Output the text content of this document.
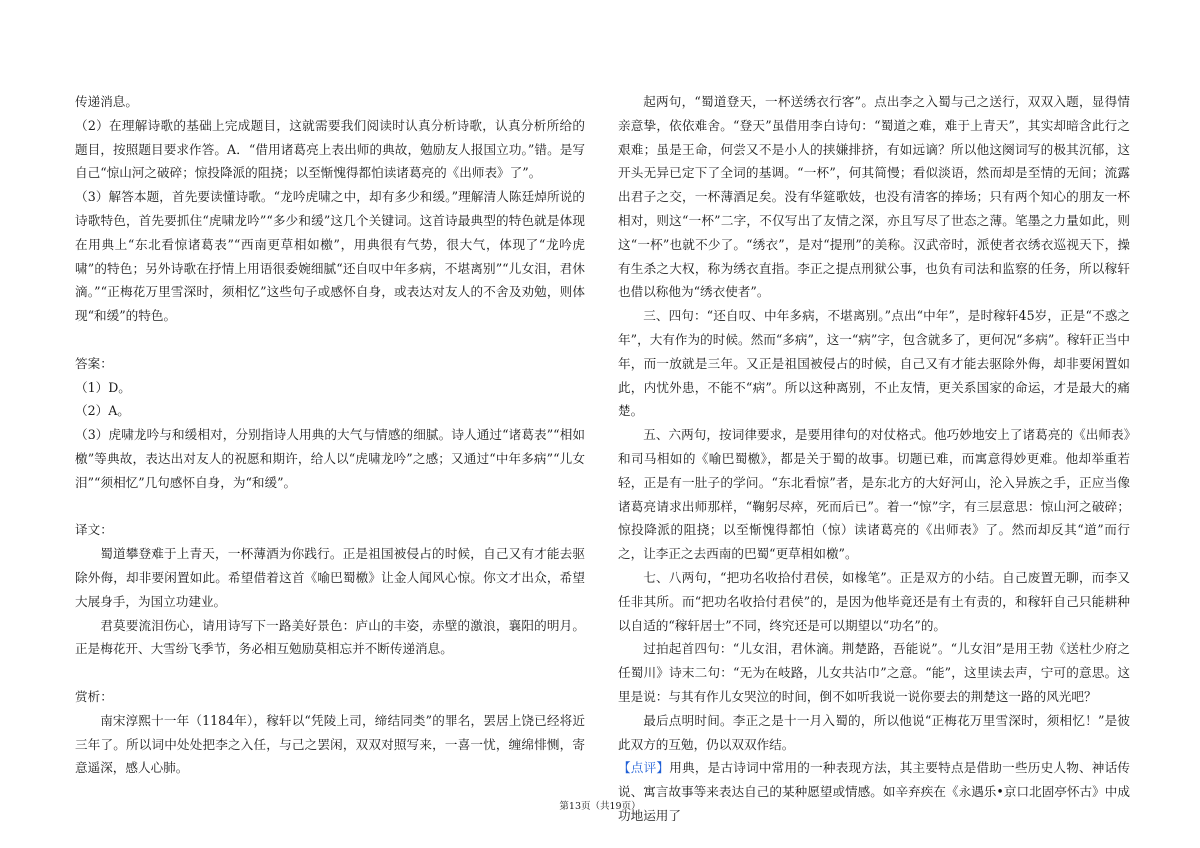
传递消息。

（2）在理解诗歌的基础上完成题目，这就需要我们阅读时认真分析诗歌，认真分析所给的题目，按照题目要求作答。A．“借用诸葛亮上表出师的典故，勉励友人报国立功。”错。是写自己“惊山河之破碎；惊投降派的阻挠；以至惭愧得都怕读诸葛亮的《出师表》了”。

（3）解答本题，首先要读懂诗歌。“龙吟虎啸之中，却有多少和缓。”理解清人陈廷焯所说的诗歌特色，首先要抓住“虎啸龙吟”“多少和缓”这几个关键词。这首诗最典型的特色就是体现在用典上“东北看惊诸葛表”“西南更草相如檄”，用典很有气势，很大气，体现了“龙吟虎啸”的特色；另外诗歌在抒情上用语很委婉细腻“还自叹中年多病，不堪离别”“儿女泪，君休滴。”“正梅花万里雪深时，须相忆”这些句子或感怀自身，或表达对友人的不舍及劝勉，则体现“和缓”的特色。

答案：

（1）D。

（2）A。

（3）虎啸龙吟与和缓相对，分别指诗人用典的大气与情感的细腻。诗人通过“诸葛表”“相如檄”等典故，表达出对友人的祝愿和期许，给人以“虎啸龙吟”之感；又通过“中年多病”“儿女泪”“须相忆”几句感怀自身，为“和缓”。

译文：

蜀道攀登难于上青天，一杯薄酒为你践行。正是祖国被侵占的时候，自己又有才能去驱除外侮，却非要闲置如此。希望借着这首《喻巴蜀檄》让金人闻风心惊。你文才出众，希望大展身手，为国立功建业。

君莫要流泪伤心，请用诗写下一路美好景色：庐山的丰姿，赤壁的激浪，襄阳的明月。正是梅花开、大雪纷飞季节，务必相互勉励莫相忘并不断传递消息。

赏析：

南宋淳熙十一年（1184年），稼轩以“凭陵上司，缔结同类”的罪名，罢居上饶已经将近三年了。所以词中处处把李之入任，与己之罢闲，双双对照写来，一喜一忧，缠绵悱恻，寄意遥深，感人心肺。

起两句，“蜀道登天，一杯送绣衣行客”。点出李之入蜀与己之送行，双双入题，显得情亲意挚，依依难舍。“登天”虽借用李白诗句：“蜀道之难，难于上青天”，其实却暗含此行之艰难；虽是王命，何尝又不是小人的挟嫌排挤，有如远谪？所以他这阕词写的极其沉郁，这开头无异已定下了全词的基调。“一杯”，何其简慢；看似淡语，然而却是至情的无间；流露出君子之交，一杯薄酒足矣。没有华筵歌妓，也没有清客的捧场；只有两个知心的朋友一杯相对，则这“一杯”二字，不仅写出了友情之深，亦且写尽了世态之薄。笔墨之力量如此，则这“一杯”也就不少了。“绣衣”，是对“提刑”的美称。汉武帝时，派使者衣绣衣巡视天下，操有生杀之大权，称为绣衣直指。李正之提点刑狱公事，也负有司法和监察的任务，所以稼轩也借以称他为“绣衣使者”。

三、四句：“还自叹、中年多病，不堪离别。”点出“中年”，是时稼轩45岁，正是“不惑之年”，大有作为的时候。然而“多病”，这一“病”字，包含就多了，更何况“多病”。稼轩正当中年，而一放就是三年。又正是祖国被侵占的时候，自己又有才能去驱除外侮，却非要闲置如此，内忧外患，不能不“病”。所以这种离别，不止友情，更关系国家的命运，才是最大的痛楚。

五、六两句，按词律要求，是要用律句的对仗格式。他巧妙地安上了诸葛亮的《出师表》和司马相如的《喻巴蜀檄》，都是关于蜀的故事。切题已难，而寓意得妙更难。他却举重若轻，正是有一肚子的学问。“东北看惊”者，是东北方的大好河山，沦入异族之手，正应当像诸葛亮请求出师那样，“鞠躬尽瘁，死而后已”。着一“惊”字，有三层意思：惊山河之破碎；惊投降派的阻挠；以至惭愧得都怕（惊）读诸葛亮的《出师表》了。然而却反其“道”而行之，让李正之去西南的巴蜀“更草相如檄”。

七、八两句，“把功名收拾付君侯，如椽笔”。正是双方的小结。自己废置无聊，而李又任非其所。而“把功名收拾付君侯”的，是因为他毕竟还是有土有责的，和稼轩自己只能耕种以自适的“稼轩居士”不同，终究还是可以期望以“功名”的。

过拍起首四句：“儿女泪，君休滴。荆楚路，吾能说”。“儿女泪”是用王勃《送杜少府之任蜀川》诗末二句：“无为在岐路，儿女共沾巾”之意。“能”，这里读去声，宁可的意思。这里是说：与其有作儿女哭泣的时间，倒不如听我说一说你要去的荆楚这一路的风光吧？

最后点明时间。李正之是十一月入蜀的，所以他说“正梅花万里雪深时，须相忆！”是彼此双方的互勉，仍以双双作结。

【点评】用典，是古诗词中常用的一种表现方法，其主要特点是借助一些历史人物、神话传说、寓言故事等来表达自己的某种愿望或情感。如辛弃疾在《永遇乐•京口北固亭怀古》中成功地运用了

第13页（共19页）
